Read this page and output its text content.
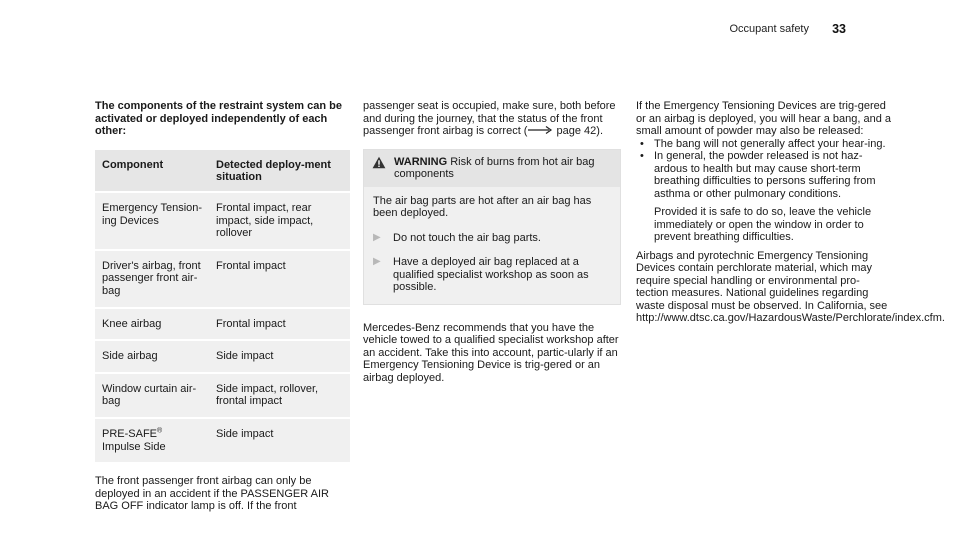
Occupant safety 33

The components of the restraint system can be activated or deployed independently of each other:

Component	Detected deploy-ment situation
Emergency Tension-ing Devices	Frontal impact, rear impact, side impact, rollover
Driver's airbag, front passenger front air-bag	Frontal impact
Knee airbag	Frontal impact
Side airbag	Side impact
Window curtain air-bag	Side impact, rollover, frontal impact
PRE-SAFE® Impulse Side	Side impact

The front passenger front airbag can only be deployed in an accident if the PASSENGER AIR BAG OFF indicator lamp is off. If the front

passenger seat is occupied, make sure, both before and during the journey, that the status of the front passenger front airbag is correct (	page 42).

WARNING Risk of burns from hot air bag components

The air bag parts are hot after an air bag has been deployed.

▶ Do not touch the air bag parts.
▶ Have a deployed air bag replaced at a qualified specialist workshop as soon as possible.

Mercedes-Benz recommends that you have the vehicle towed to a qualified specialist workshop after an accident. Take this into account, partic-ularly if an Emergency Tensioning Device is trig-gered or an airbag deployed.

If the Emergency Tensioning Devices are trig-gered or an airbag is deployed, you will hear a bang, and a small amount of powder may also be released:

• The bang will not generally affect your hear-ing.
• In general, the powder released is not haz-ardous to health but may cause short-term breathing difficulties to persons suffering from asthma or other pulmonary conditions.

Provided it is safe to do so, leave the vehicle immediately or open the window in order to prevent breathing difficulties.

Airbags and pyrotechnic Emergency Tensioning Devices contain perchlorate material, which may require special handling or environmental pro-tection measures. National guidelines regarding waste disposal must be observed. In California, see http://www.dtsc.ca.gov/HazardousWaste/Perchlorate/index.cfm.
